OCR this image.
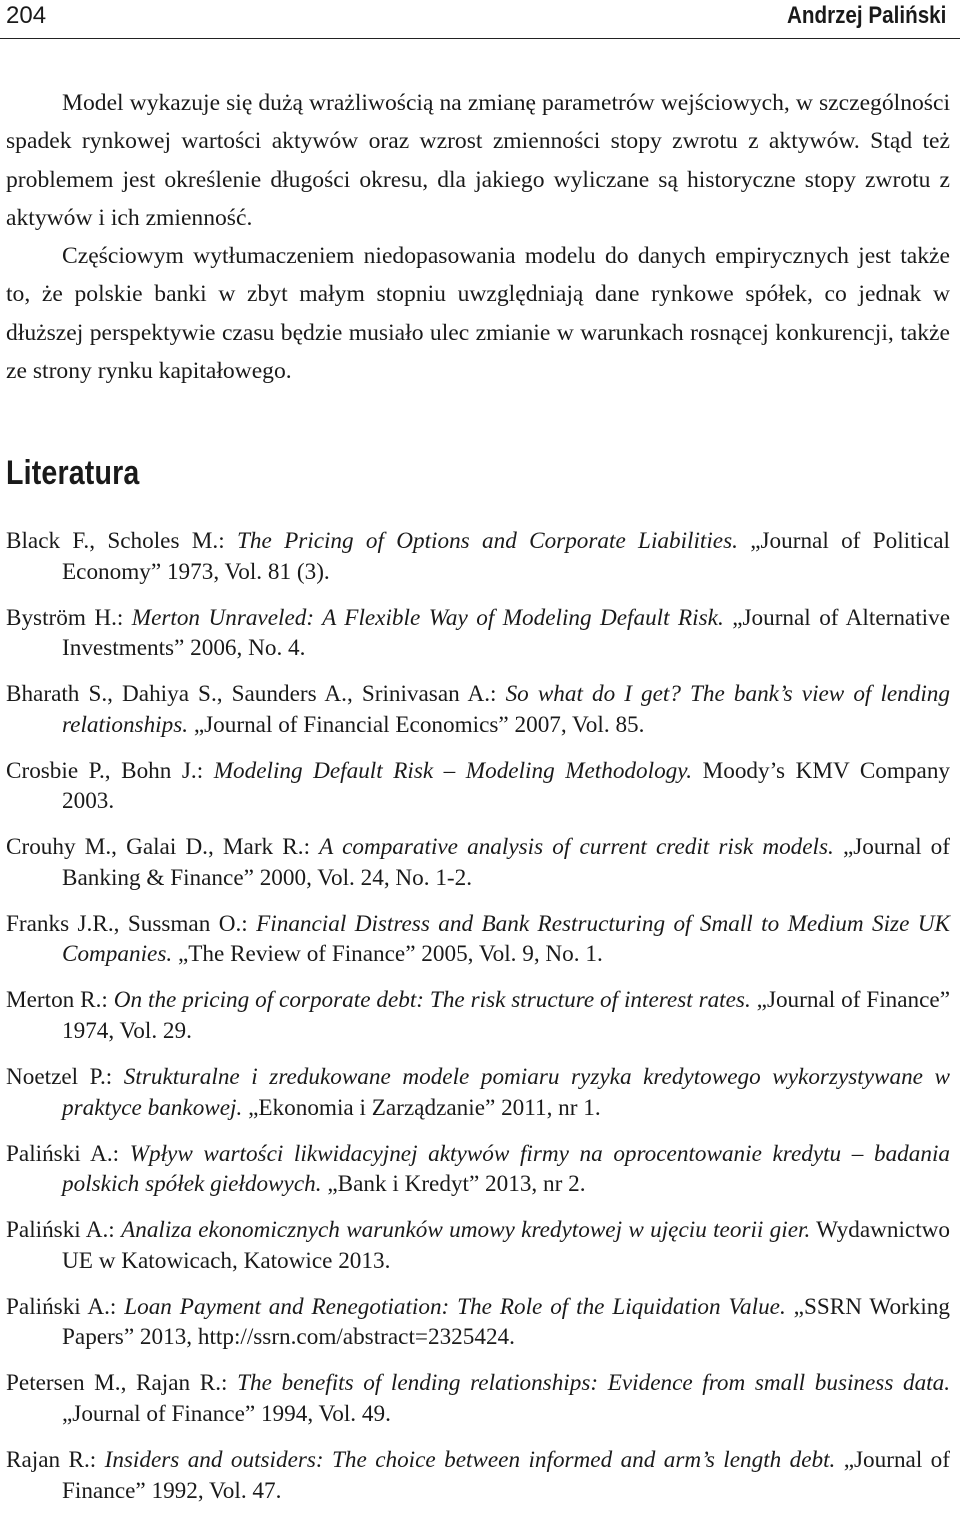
204	Andrzej Paliński

Model wykazuje się dużą wrażliwością na zmianę parametrów wejściowych, w szczególności spadek rynkowej wartości aktywów oraz wzrost zmienności stopy zwrotu z aktywów. Stąd też problemem jest określenie długości okresu, dla jakiego wyliczane są historyczne stopy zwrotu z aktywów i ich zmienność.

Częściowym wytłumaczeniem niedopasowania modelu do danych empirycznych jest także to, że polskie banki w zbyt małym stopniu uwzględniają dane rynkowe spółek, co jednak w dłuższej perspektywie czasu będzie musiało ulec zmianie w warunkach rosnącej konkurencji, także ze strony rynku kapitałowego.

Literatura

Black F., Scholes M.: The Pricing of Options and Corporate Liabilities. „Journal of Political Economy” 1973, Vol. 81 (3).

Byström H.: Merton Unraveled: A Flexible Way of Modeling Default Risk. „Journal of Alternative Investments” 2006, No. 4.

Bharath S., Dahiya S., Saunders A., Srinivasan A.: So what do I get? The bank’s view of lending relationships. „Journal of Financial Economics” 2007, Vol. 85.

Crosbie P., Bohn J.: Modeling Default Risk – Modeling Methodology. Moody’s KMV Company 2003.

Crouhy M., Galai D., Mark R.: A comparative analysis of current credit risk models. „Journal of Banking & Finance” 2000, Vol. 24, No. 1-2.

Franks J.R., Sussman O.: Financial Distress and Bank Restructuring of Small to Medium Size UK Companies. „The Review of Finance” 2005, Vol. 9, No. 1.

Merton R.: On the pricing of corporate debt: The risk structure of interest rates. „Journal of Finance” 1974, Vol. 29.

Noetzel P.: Strukturalne i zredukowane modele pomiaru ryzyka kredytowego wykorzystywane w praktyce bankowej. „Ekonomia i Zarządzanie” 2011, nr 1.

Paliński A.: Wpływ wartości likwidacyjnej aktywów firmy na oprocentowanie kredytu – badania polskich spółek giełdowych. „Bank i Kredyt” 2013, nr 2.

Paliński A.: Analiza ekonomicznych warunków umowy kredytowej w ujęciu teorii gier. Wydawnictwo UE w Katowicach, Katowice 2013.

Paliński A.: Loan Payment and Renegotiation: The Role of the Liquidation Value. „SSRN Working Papers” 2013, http://ssrn.com/abstract=2325424.

Petersen M., Rajan R.: The benefits of lending relationships: Evidence from small business data. „Journal of Finance” 1994, Vol. 49.

Rajan R.: Insiders and outsiders: The choice between informed and arm’s length debt. „Journal of Finance” 1992, Vol. 47.
